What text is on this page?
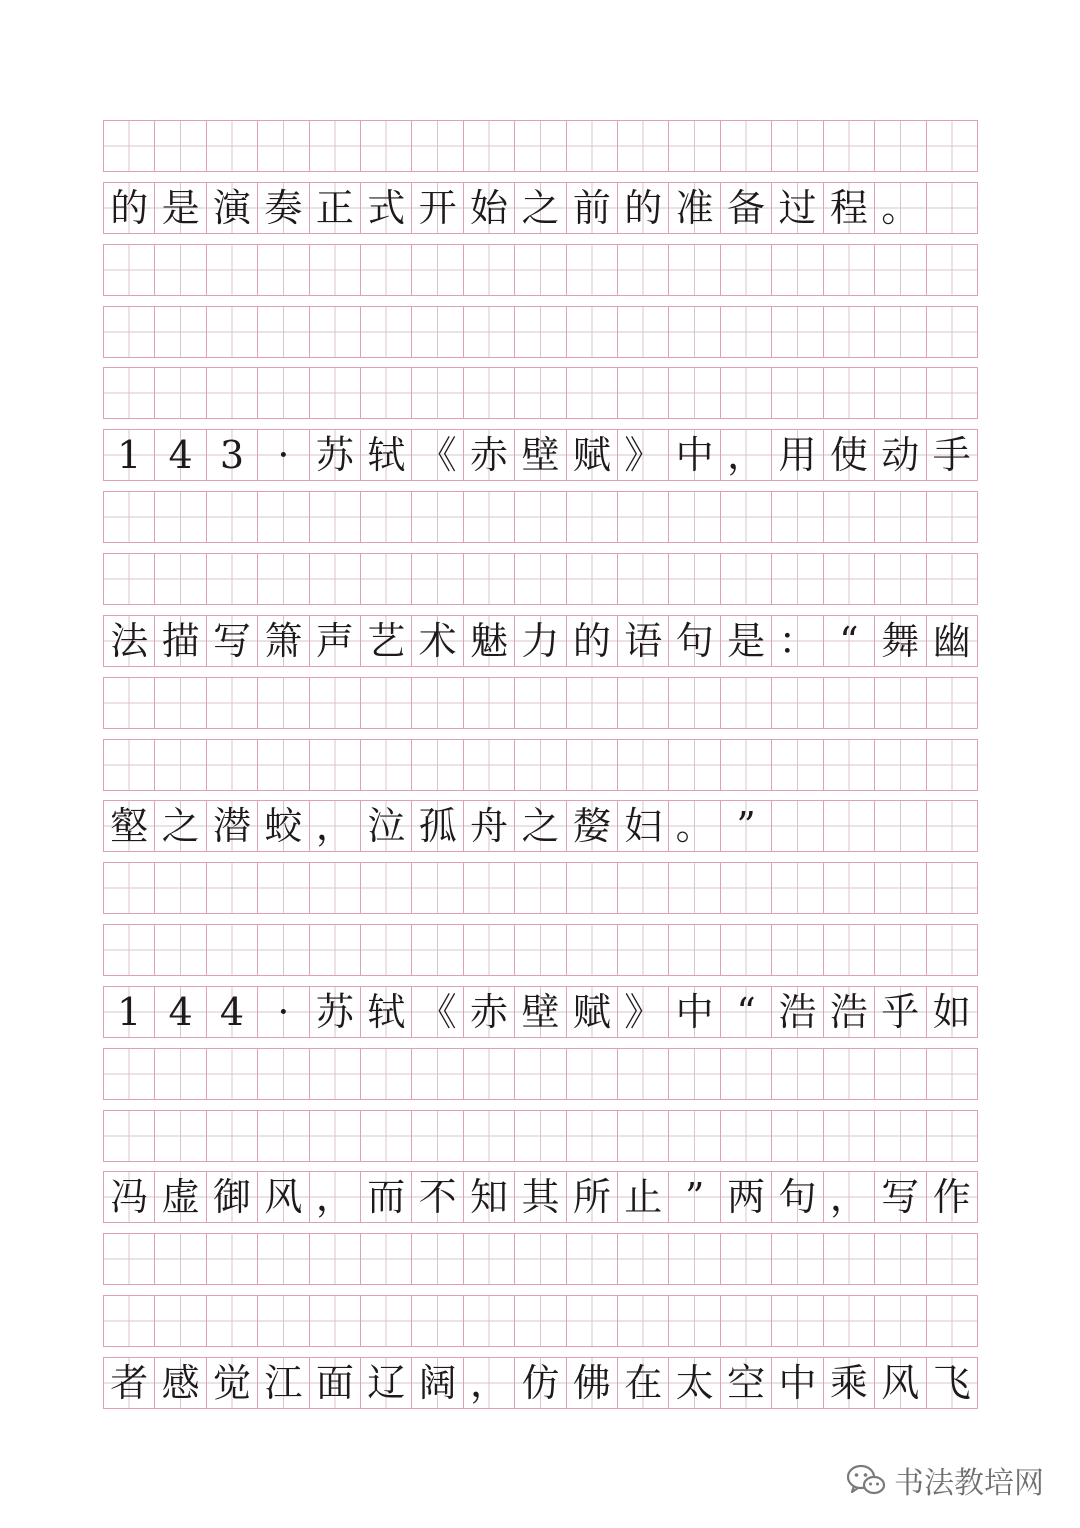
的 是 演 奏 正 式 开 始 之 前 的 准 备 过 程 。
1 4 3 · 苏 轼 《 赤 壁 赋 》 中 ， 用 使 动 手
法 描 写 箫 声 艺 术 魅 力 的 语 句 是 ： “ 舞 幽
壑 之 潜 蛟 ， 泣 孤 舟 之 嫠 妇 。 ”
1 4 4 · 苏 轼 《 赤 壁 赋 》 中 “ 浩 浩 乎 如
冯 虚 御 风 ， 而 不 知 其 所 止 ” 两 句 ， 写 作
者 感 觉 江 面 辽 阔 ， 仿 佛 在 太 空 中 乘 风 飞
书法教培网
